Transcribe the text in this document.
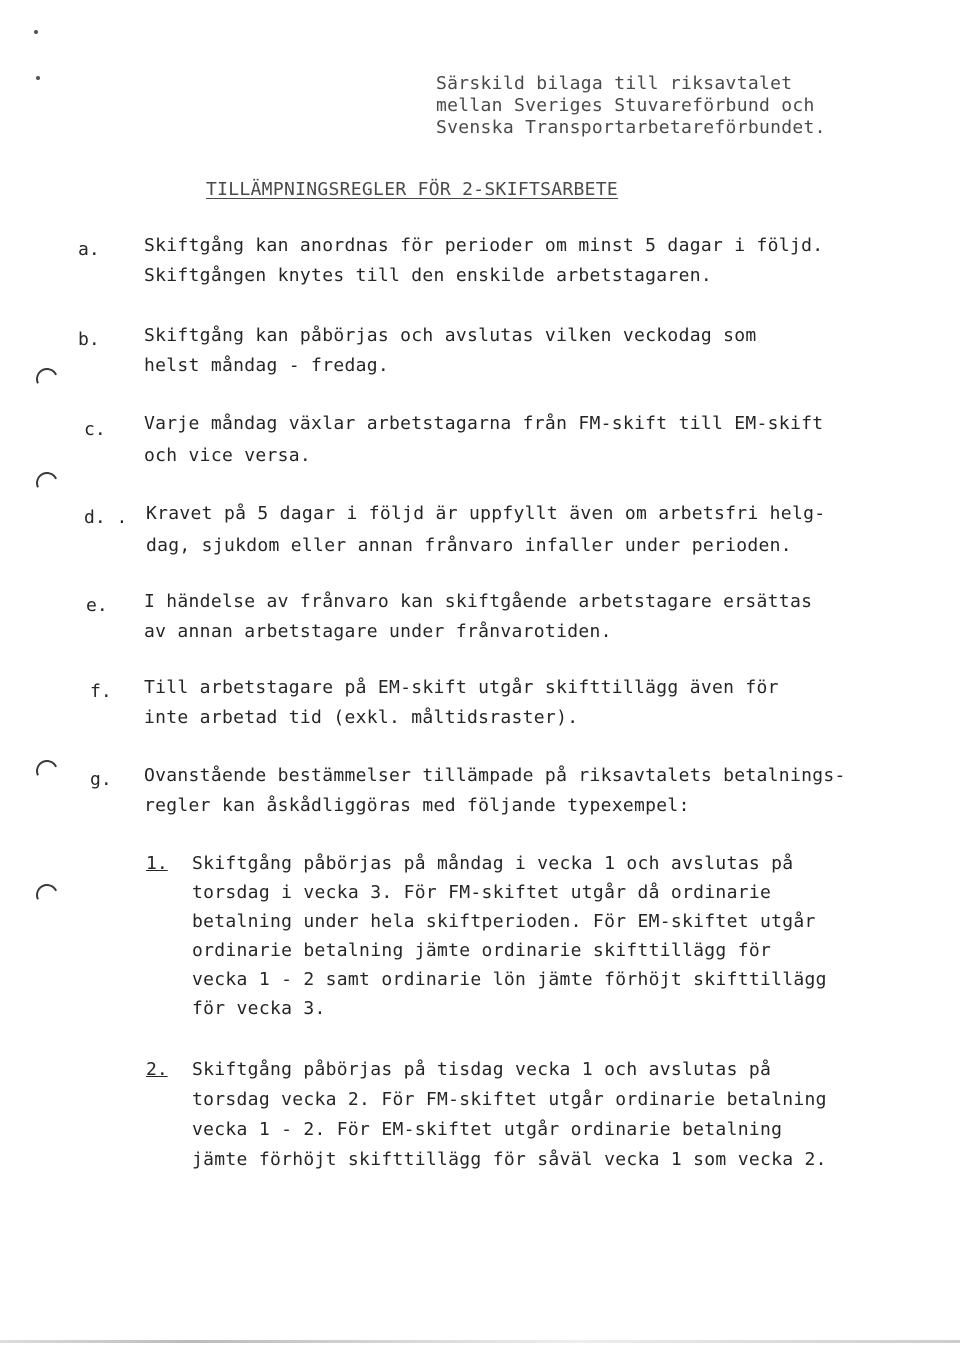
Särskild bilaga till riksavtalet
mellan Sveriges Stuvareförbund och
Svenska Transportarbetareförbundet.
TILLÄMPNINGSREGLER FÖR 2-SKIFTSARBETE
a. Skiftgång kan anordnas för perioder om minst 5 dagar i följd.
Skiftgången knytes till den enskilde arbetstagaren.
b. Skiftgång kan påbörjas och avslutas vilken veckodag som
helst måndag - fredag.
c. Varje måndag växlar arbetstagarna från FM-skift till EM-skift
och vice versa.
d. . Kravet på 5 dagar i följd är uppfyllt även om arbetsfri helg-
dag, sjukdom eller annan frånvaro infaller under perioden.
e. I händelse av frånvaro kan skiftgående arbetstagare ersättas
av annan arbetstagare under frånvarotiden.
f. Till arbetstagare på EM-skift utgår skifttillägg även för
inte arbetad tid (exkl. måltidsraster).
g. Ovanstående bestämmelser tillämpade på riksavtalets betalnings-
regler kan åskådliggöras med följande typexempel:
1. Skiftgång påbörjas på måndag i vecka 1 och avslutas på
torsdag i vecka 3. För FM-skiftet utgår då ordinarie
betalning under hela skiftperioden. För EM-skiftet utgår
ordinarie betalning jämte ordinarie skifttillägg för
vecka 1 - 2 samt ordinarie lön jämte förhöjt skifttillägg
för vecka 3.
2. Skiftgång påbörjas på tisdag vecka 1 och avslutas på
torsdag vecka 2. För FM-skiftet utgår ordinarie betalning
vecka 1 - 2. För EM-skiftet utgår ordinarie betalning
jämte förhöjt skifttillägg för såväl vecka 1 som vecka 2.
